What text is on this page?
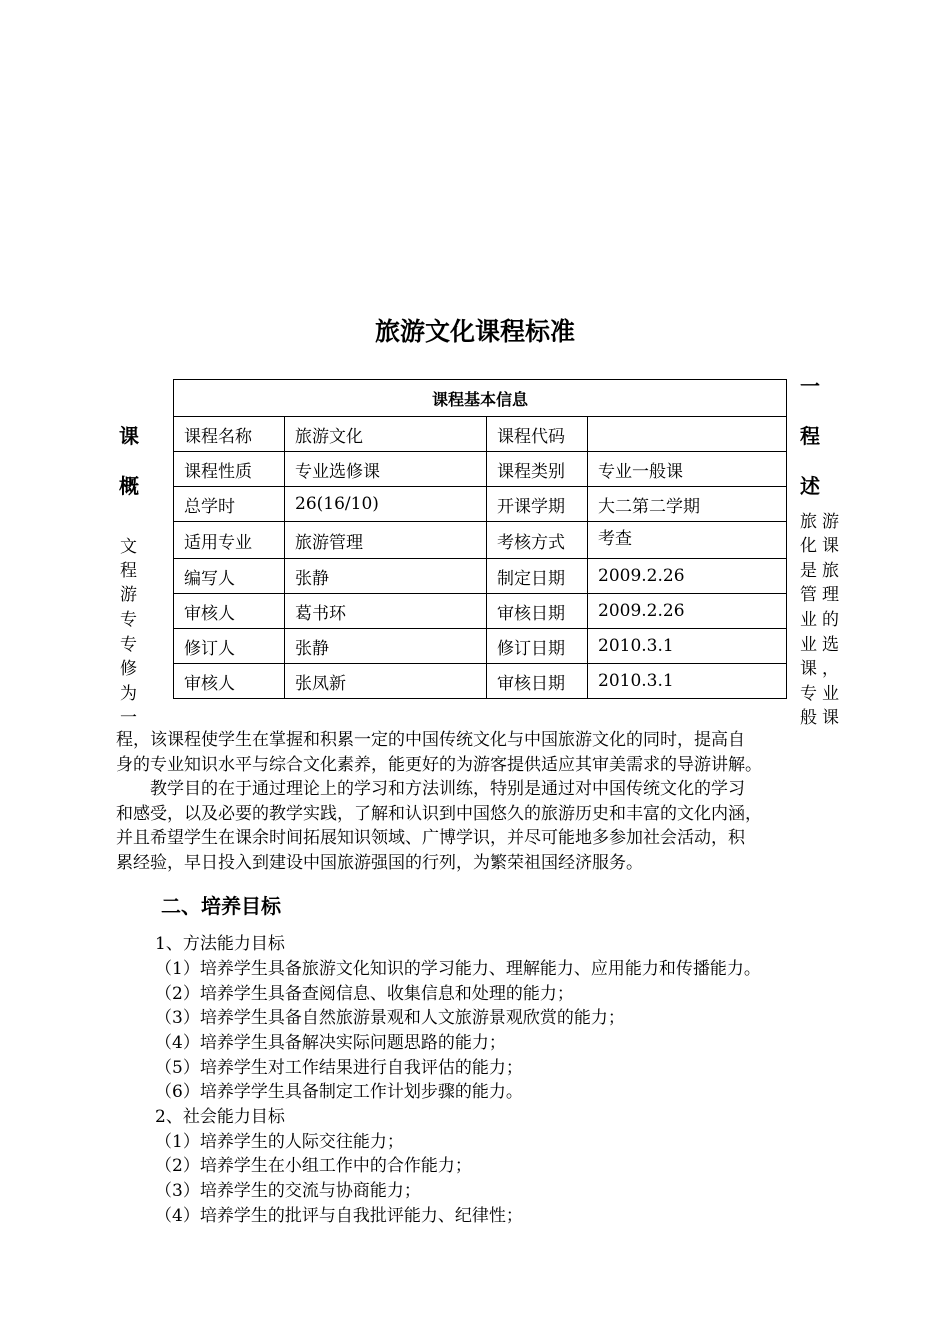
旅游文化课程标准
课程基本信息			
课程名称	旅游文化	课程代码	
课程性质	专业选修课	课程类别	专业一般课
总学时	26(16/10)	开课学期	大二第二学期
适用专业	旅游管理	考核方式	考查
编写人	张静	制定日期	2009.2.26
审核人	葛书环	审核日期	2009.2.26
修订人	张静	修订日期	2010.3.1
审核人	张凤新	审核日期	2010.3.1
课
概
文
程
游
专
专
修
为
一
一
程
述
旅游
化课
是旅
管理
业的
业选
课，
专业
般课
程，该课程使学生在掌握和积累一定的中国传统文化与中国旅游文化的同时，提高自
身的专业知识水平与综合文化素养，能更好的为游客提供适应其审美需求的导游讲解。
　　教学目的在于通过理论上的学习和方法训练，特别是通过对中国传统文化的学习
和感受，以及必要的教学实践，了解和认识到中国悠久的旅游历史和丰富的文化内涵，
并且希望学生在课余时间拓展知识领域、广博学识，并尽可能地多参加社会活动，积
累经验，早日投入到建设中国旅游强国的行列，为繁荣祖国经济服务。
二、培养目标
1、方法能力目标
（1）培养学生具备旅游文化知识的学习能力、理解能力、应用能力和传播能力。
（2）培养学生具备查阅信息、收集信息和处理的能力；
（3）培养学生具备自然旅游景观和人文旅游景观欣赏的能力；
（4）培养学生具备解决实际问题思路的能力；
（5）培养学生对工作结果进行自我评估的能力；
（6）培养学学生具备制定工作计划步骤的能力。
2、社会能力目标
（1）培养学生的人际交往能力；
（2）培养学生在小组工作中的合作能力；
（3）培养学生的交流与协商能力；
（4）培养学生的批评与自我批评能力、纪律性；
